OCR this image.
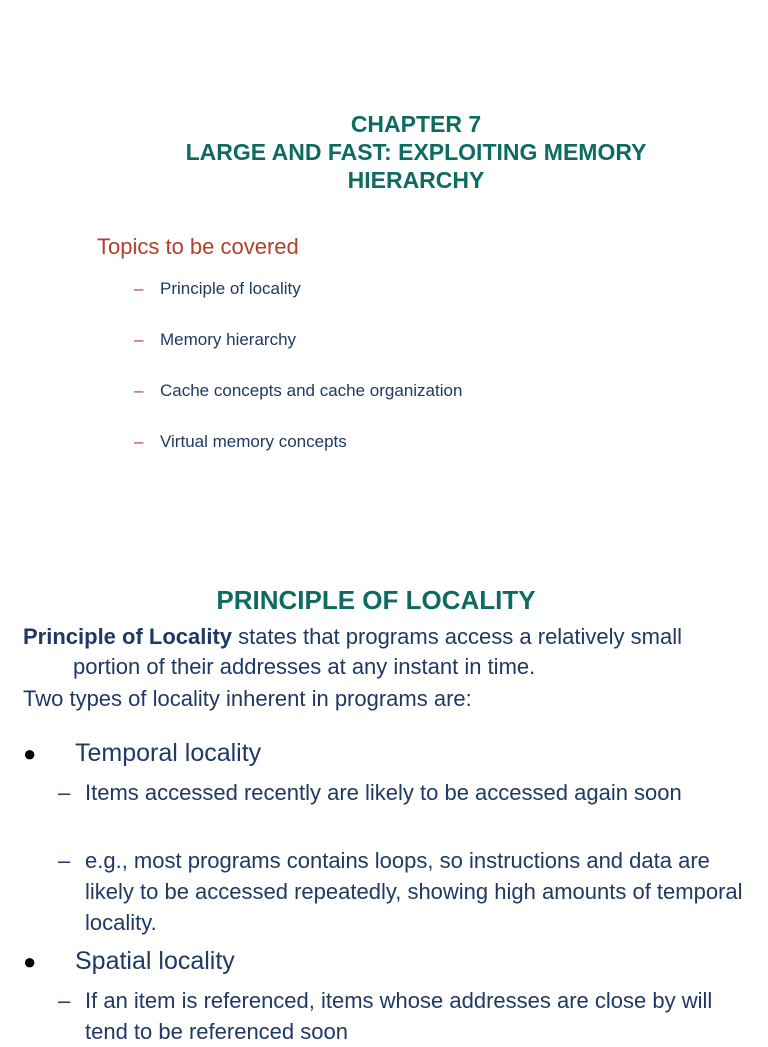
CHAPTER 7
LARGE AND FAST: EXPLOITING MEMORY
HIERARCHY
Topics to be covered
– Principle of locality
– Memory hierarchy
– Cache concepts and cache organization
– Virtual memory concepts
PRINCIPLE OF LOCALITY
Principle of Locality states that programs access a relatively small portion of their addresses at any instant in time.
Two types of locality inherent in programs are:
● Temporal locality
– Items accessed recently are likely to be accessed again soon
– e.g., most programs contains loops, so instructions and data are likely to be accessed repeatedly, showing high amounts of temporal locality.
● Spatial locality
– If an item is referenced, items whose addresses are close by will tend to be referenced soon
